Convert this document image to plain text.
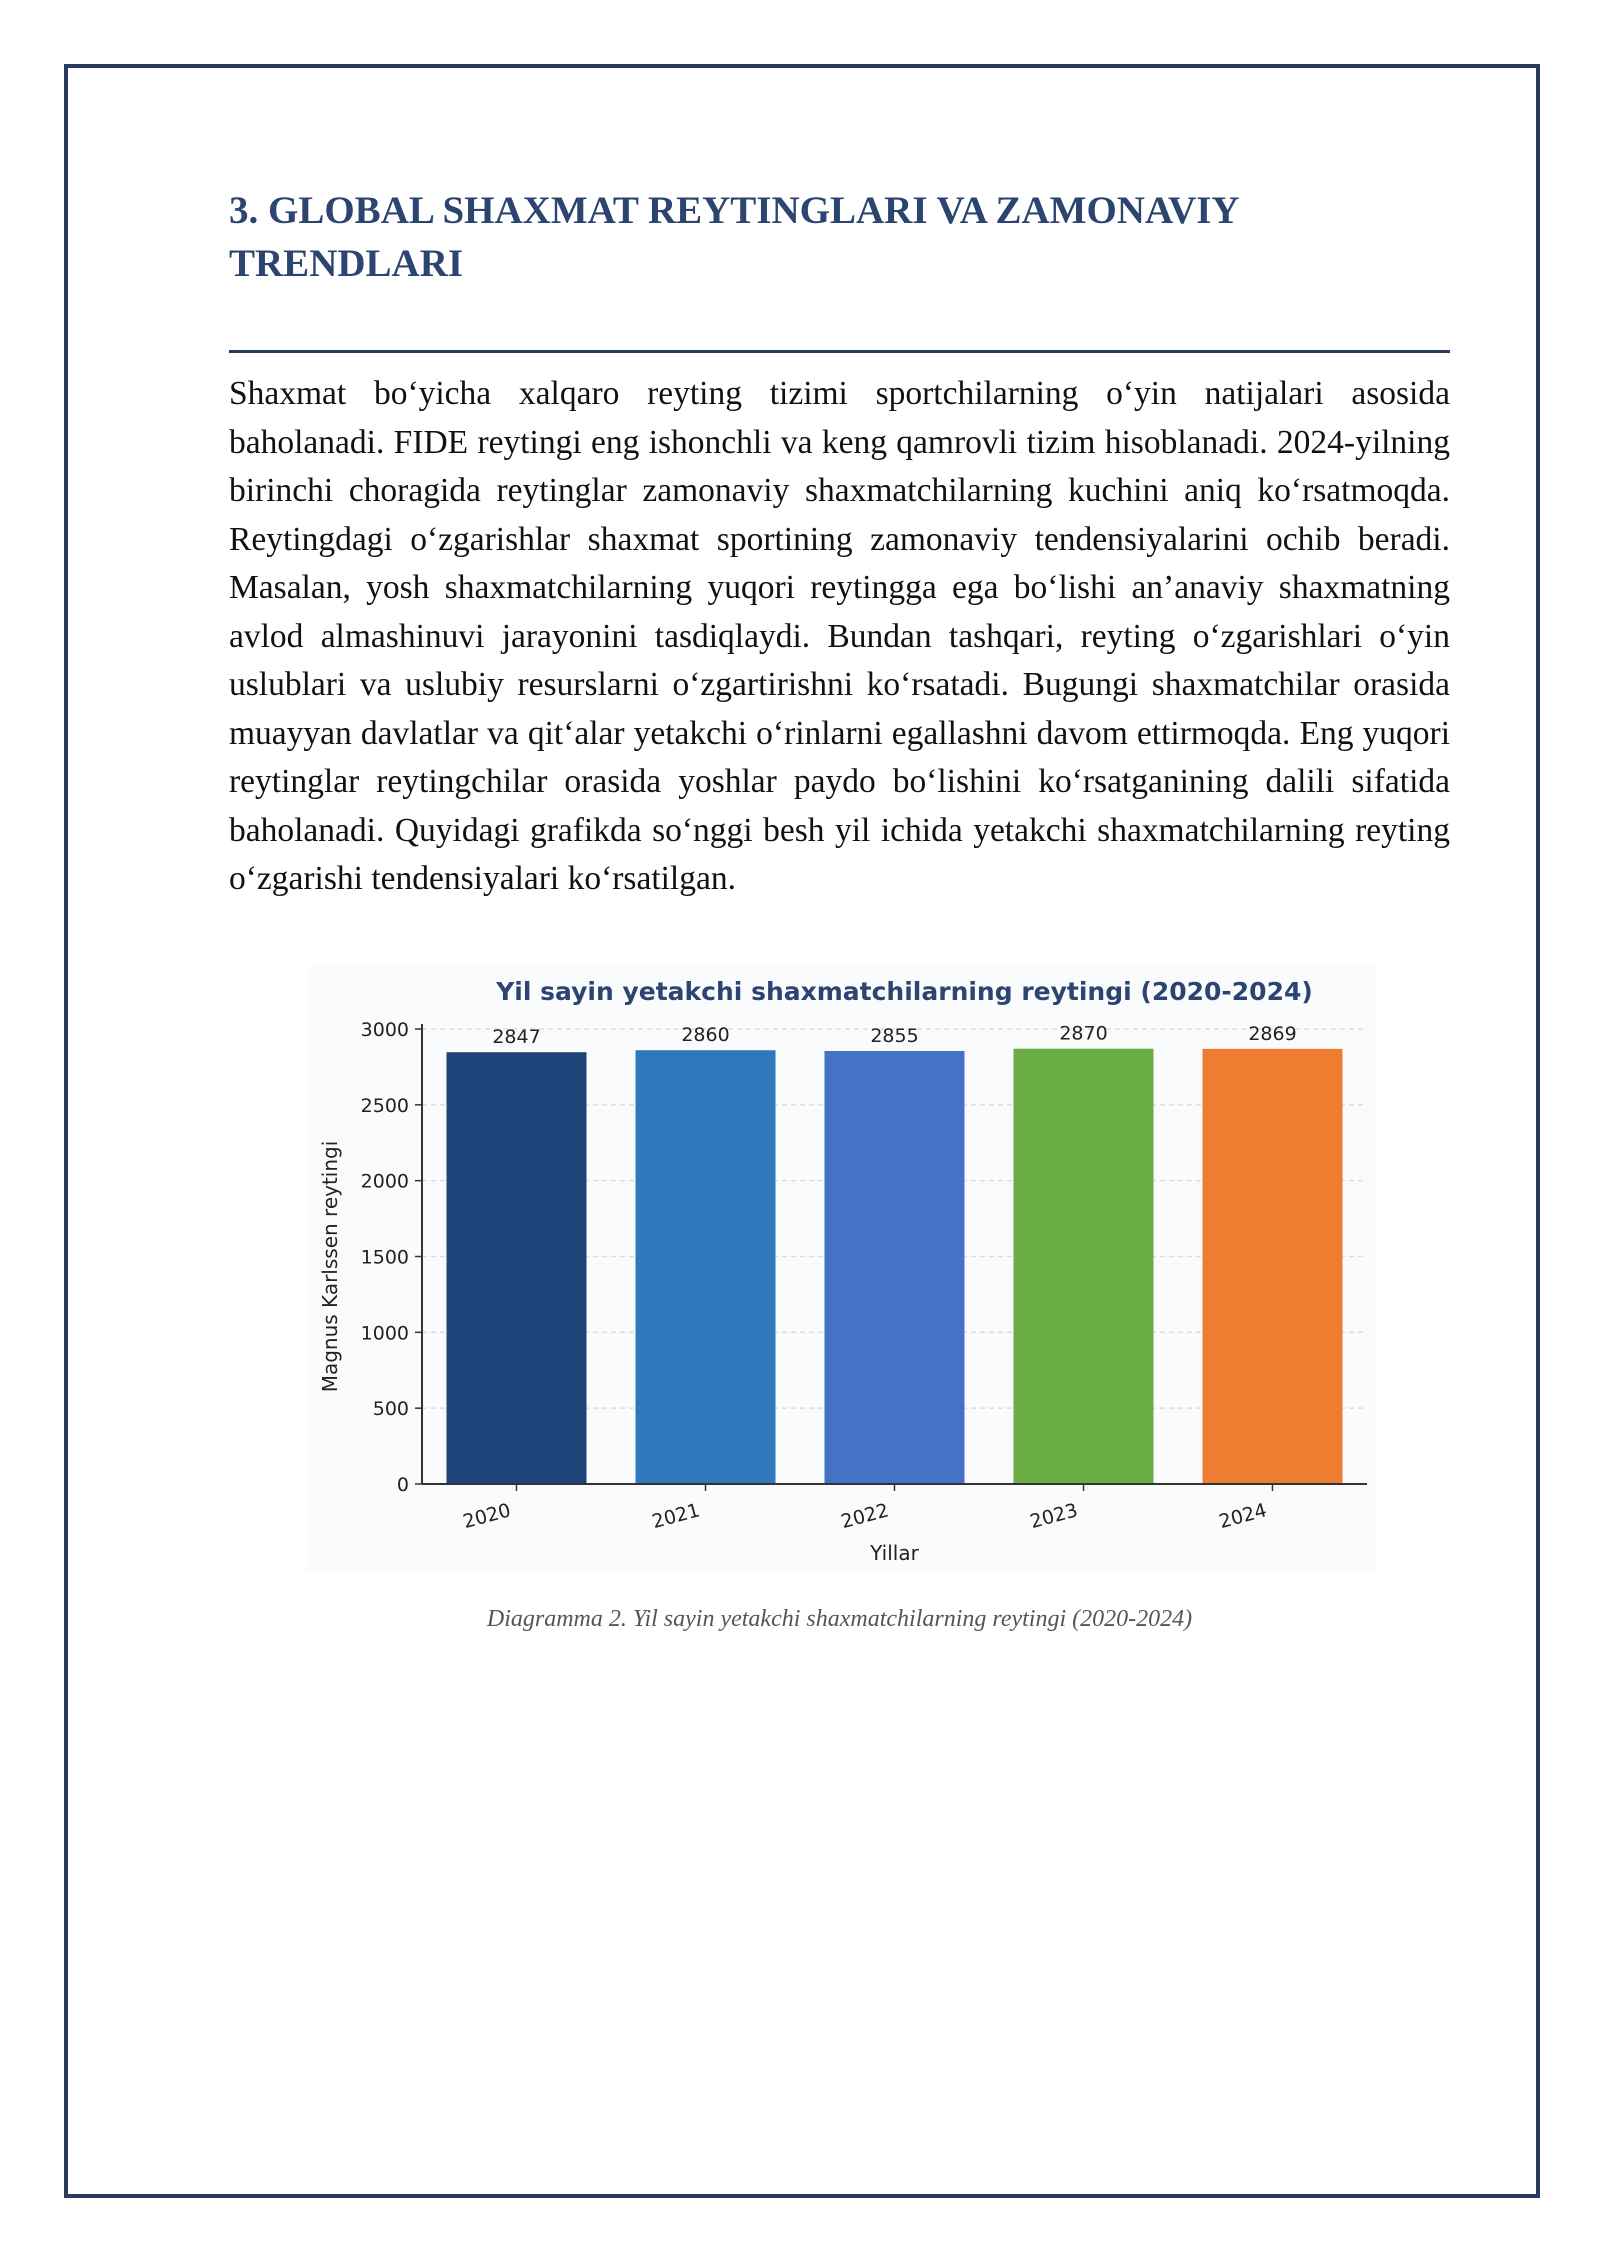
3. GLOBAL SHAXMAT REYTINGLARI VA ZAMONAVIY TRENDLARI

Shaxmat bo‘yicha xalqaro reyting tizimi sportchilarning o‘yin natijalari asosida baholanadi. FIDE reytingi eng ishonchli va keng qamrovli tizim hisoblanadi. 2024-yilning birinchi choragida reytinglar zamonaviy shaxmatchilarning kuchini aniq ko‘rsatmoqda. Reytingdagi o‘zgarishlar shaxmat sportining zamonaviy tendensiyalarini ochib beradi. Masalan, yosh shaxmatchilarning yuqori reytingga ega bo‘lishi an’anaviy shaxmatning avlod almashinuvi jarayonini tasdiqlaydi. Bundan tashqari, reyting o‘zgarishlari o‘yin uslublari va uslubiy resurslarni o‘zgartirishni ko‘rsatadi. Bugungi shaxmatchilar orasida muayyan davlatlar va qit‘alar yetakchi o‘rinlarni egallashni davom ettirmoqda. Eng yuqori reytinglar reytingchilar orasida yoshlar paydo bo‘lishini ko‘rsatganining dalili sifatida baholanadi. Quyidagi grafikda so‘nggi besh yil ichida yetakchi shaxmatchilarning reyting o‘zgarishi tendensiyalari ko‘rsatilgan.

Yil sayin yetakchi shaxmatchilarning reytingi (2020-2024)
0
500
1000
1500
2000
2500
3000	2847
2020
2860
2021
2855
2022
2870
2023
2869
2024
Yillar
Magnus Karlssen reytingi

Diagramma 2. Yil sayin yetakchi shaxmatchilarning reytingi (2020-2024)
